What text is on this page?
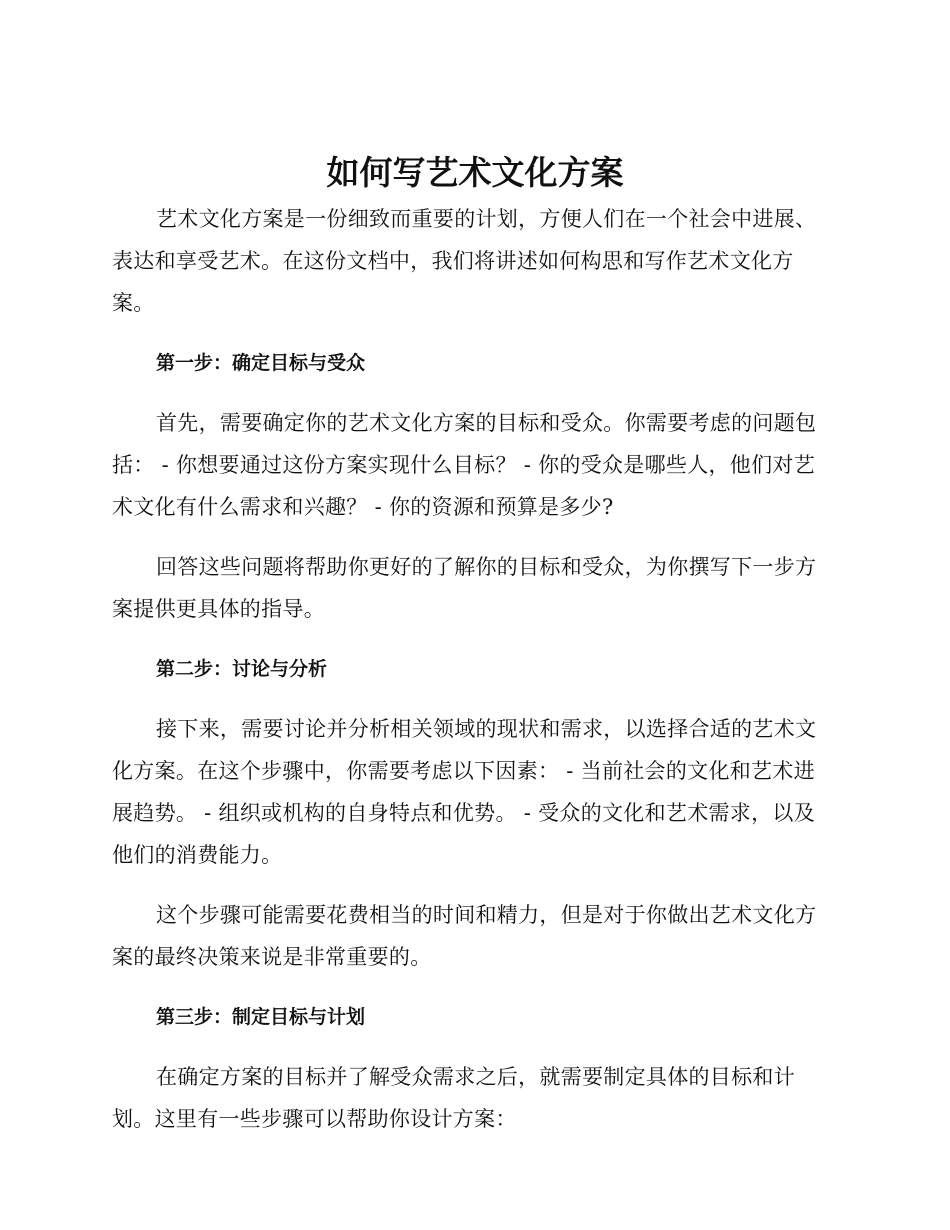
如何写艺术文化方案

艺术文化方案是一份细致而重要的计划，方便人们在一个社会中进展、表达和享受艺术。在这份文档中，我们将讲述如何构思和写作艺术文化方案。

第一步：确定目标与受众

首先，需要确定你的艺术文化方案的目标和受众。你需要考虑的问题包括： - 你想要通过这份方案实现什么目标？ - 你的受众是哪些人，他们对艺术文化有什么需求和兴趣？ - 你的资源和预算是多少?

回答这些问题将帮助你更好的了解你的目标和受众，为你撰写下一步方案提供更具体的指导。

第二步：讨论与分析

接下来，需要讨论并分析相关领域的现状和需求，以选择合适的艺术文化方案。在这个步骤中，你需要考虑以下因素： - 当前社会的文化和艺术进展趋势。 - 组织或机构的自身特点和优势。 - 受众的文化和艺术需求，以及他们的消费能力。

这个步骤可能需要花费相当的时间和精力，但是对于你做出艺术文化方案的最终决策来说是非常重要的。

第三步：制定目标与计划

在确定方案的目标并了解受众需求之后，就需要制定具体的目标和计划。这里有一些步骤可以帮助你设计方案：
